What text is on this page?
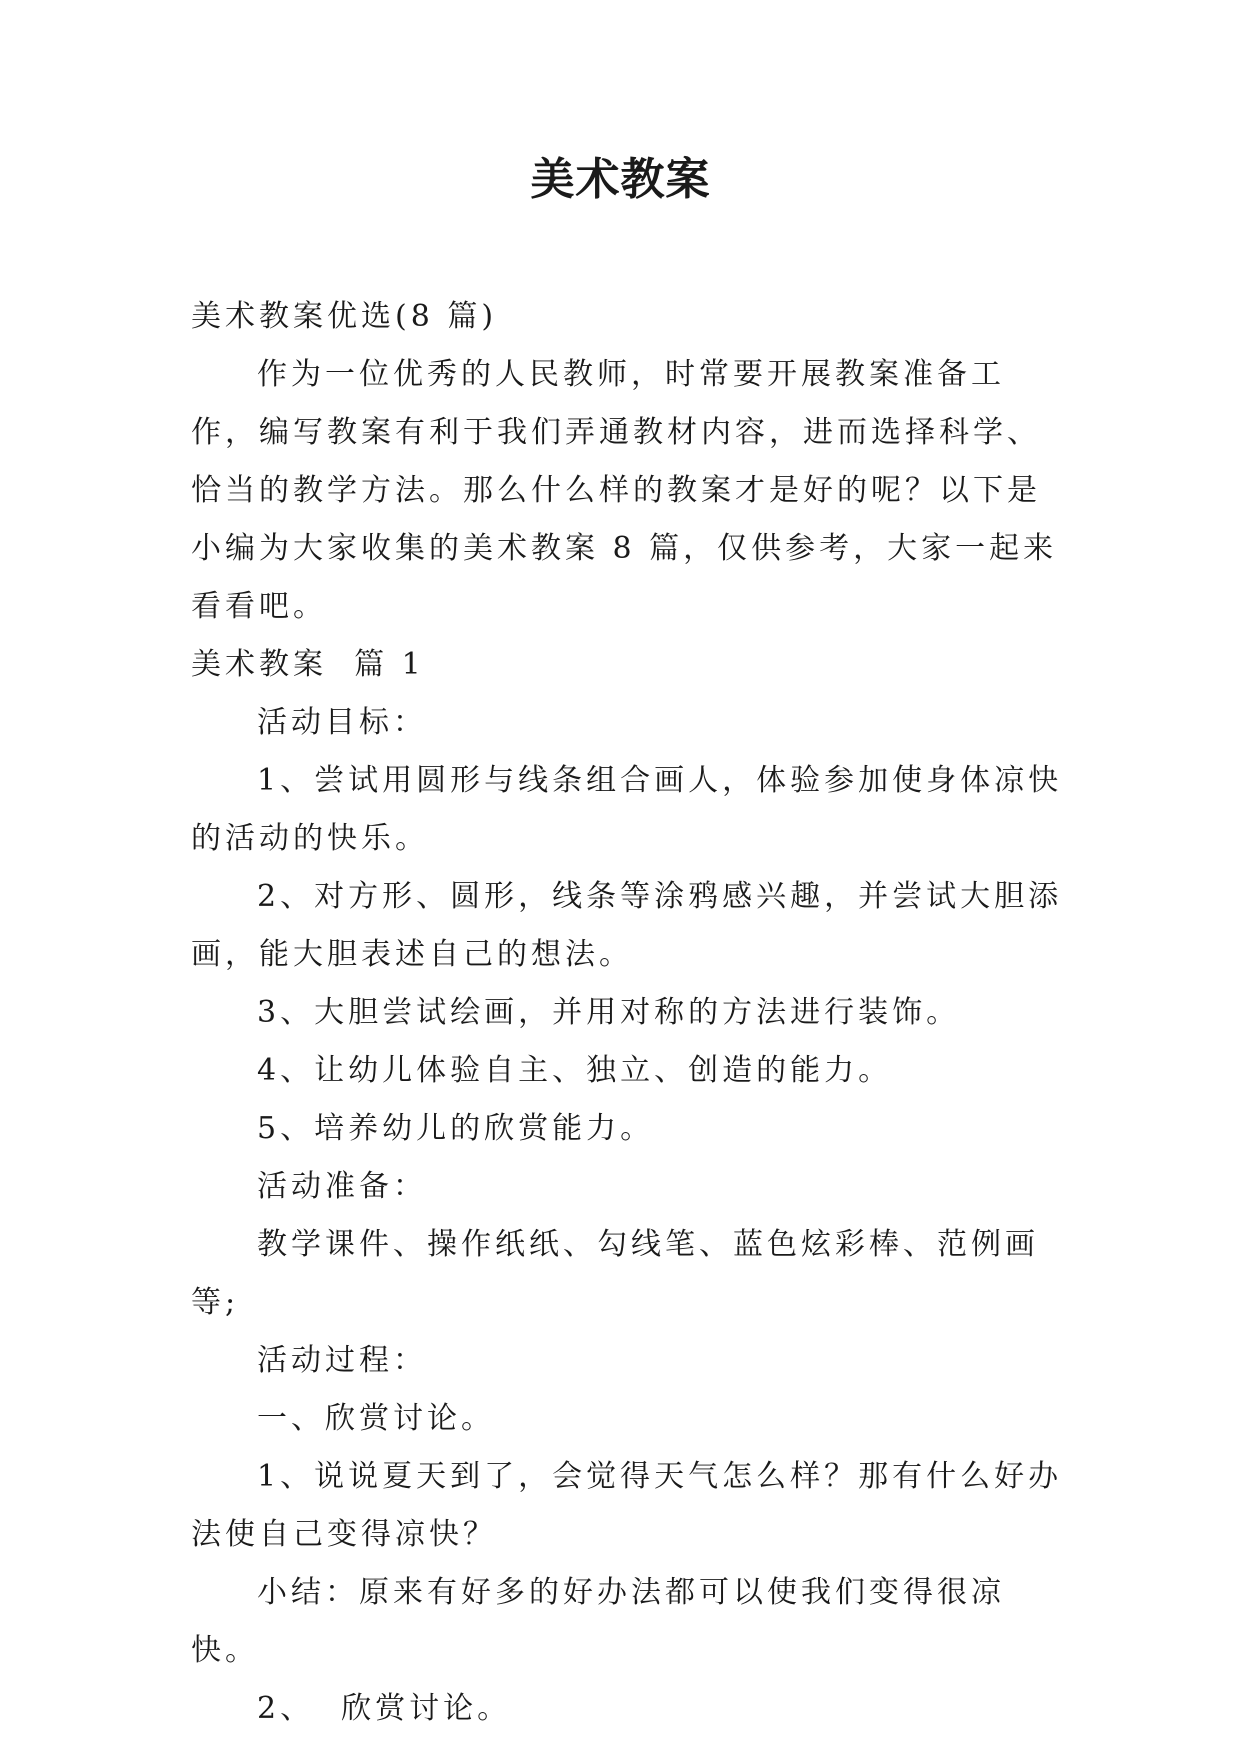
美术教案

美术教案优选(8 篇)

作为一位优秀的人民教师，时常要开展教案准备工作，编写教案有利于我们弄通教材内容，进而选择科学、恰当的教学方法。那么什么样的教案才是好的呢？以下是小编为大家收集的美术教案 8 篇，仅供参考，大家一起来看看吧。

美术教案  篇 1

活动目标：

1、尝试用圆形与线条组合画人，体验参加使身体凉快的活动的快乐。

2、对方形、圆形，线条等涂鸦感兴趣，并尝试大胆添画，能大胆表述自己的想法。

3、大胆尝试绘画，并用对称的方法进行装饰。

4、让幼儿体验自主、独立、创造的能力。

5、培养幼儿的欣赏能力。

活动准备：

教学课件、操作纸纸、勾线笔、蓝色炫彩棒、范例画等;

活动过程：

一、欣赏讨论。

1、说说夏天到了，会觉得天气怎么样？那有什么好办法使自己变得凉快？

小结：原来有好多的好办法都可以使我们变得很凉快。

2、  欣赏讨论。
